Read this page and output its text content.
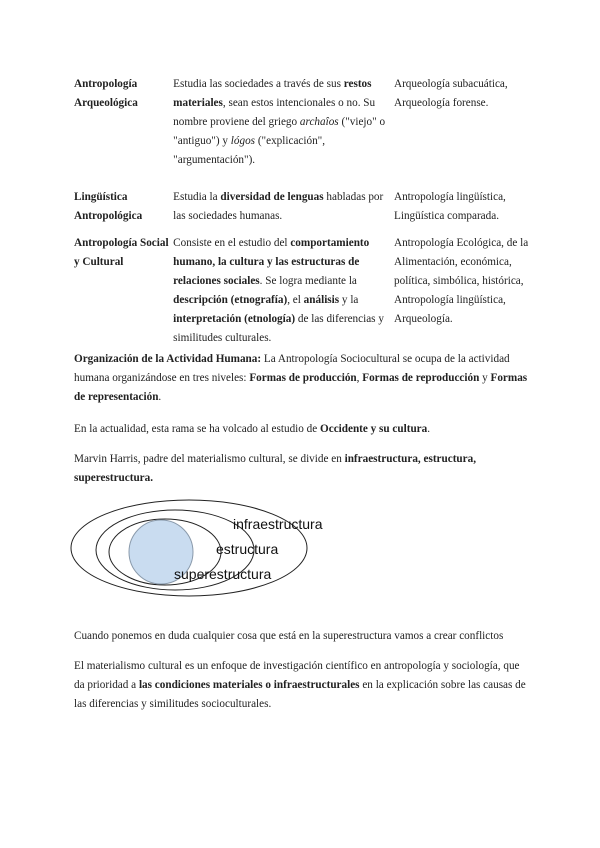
Antropología Arqueológica	Estudia las sociedades a través de sus restos materiales, sean estos intencionales o no. Su nombre proviene del griego archaîos ("viejo" o "antiguo") y lógos ("explicación", "argumentación").	Arqueología subacuática, Arqueología forense.
Lingüística Antropológica	Estudia la diversidad de lenguas habladas por las sociedades humanas.	Antropología lingüística, Lingüística comparada.
Antropología Social y Cultural	Consiste en el estudio del comportamiento humano, la cultura y las estructuras de relaciones sociales. Se logra mediante la descripción (etnografía), el análisis y la interpretación (etnología) de las diferencias y similitudes culturales.	Antropología Ecológica, de la Alimentación, económica, política, simbólica, histórica, Antropología lingüística, Arqueología.
Organización de la Actividad Humana: La Antropología Sociocultural se ocupa de la actividad humana organizándose en tres niveles: Formas de producción, Formas de reproducción y Formas de representación.
En la actualidad, esta rama se ha volcado al estudio de Occidente y su cultura.
Marvin Harris, padre del materialismo cultural, se divide en infraestructura, estructura, superestructura.
infraestructura
estructura
superestructura
Cuando ponemos en duda cualquier cosa que está en la superestructura vamos a crear conflictos
El materialismo cultural es un enfoque de investigación científico en antropología y sociología, que da prioridad a las condiciones materiales o infraestructurales en la explicación sobre las causas de las diferencias y similitudes socioculturales.
